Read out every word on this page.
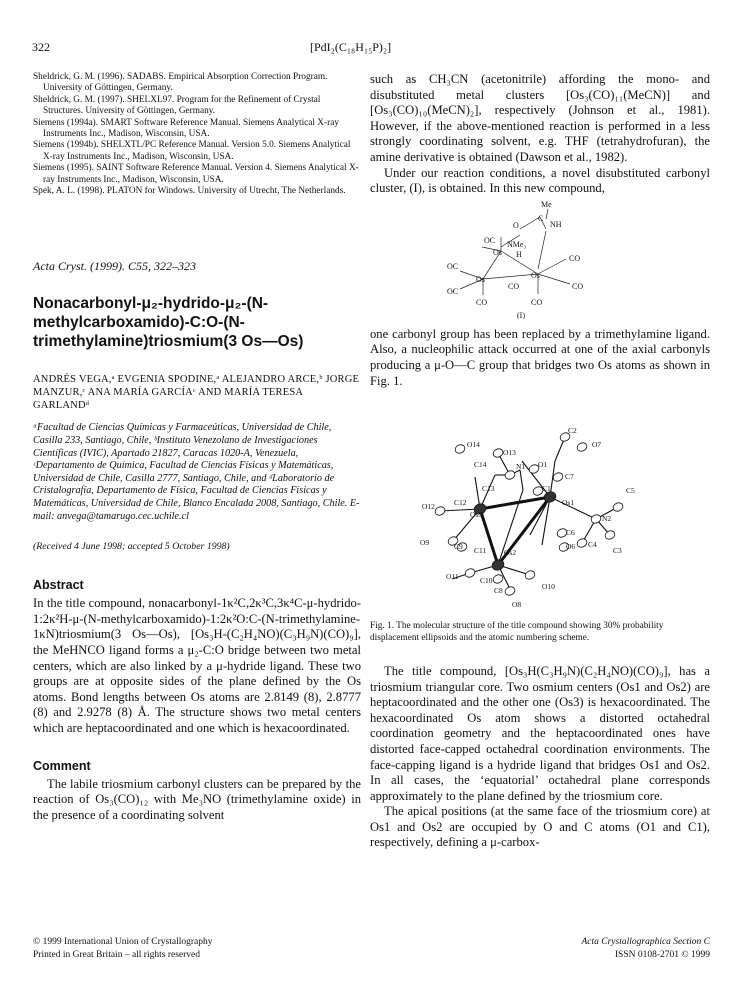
322	[PdI₂(C₁₈H₁₅P)₂]

Sheldrick, G. M. (1996). SADABS. Empirical Absorption Correction Program. University of Göttingen, Germany.

Sheldrick, G. M. (1997). SHELXL97. Program for the Refinement of Crystal Structures. University of Göttingen, Germany.

Siemens (1994a). SMART Software Reference Manual. Siemens Analytical X-ray Instruments Inc., Madison, Wisconsin, USA.

Siemens (1994b). SHELXTL/PC Reference Manual. Version 5.0. Siemens Analytical X-ray Instruments Inc., Madison, Wisconsin, USA.

Siemens (1995). SAINT Software Reference Manual. Version 4. Siemens Analytical X-ray Instruments Inc., Madison, Wisconsin, USA.

Spek, A. L. (1998). PLATON for Windows. University of Utrecht, The Netherlands.

Acta Cryst. (1999). C55, 322–323
Nonacarbonyl-μ₂-hydrido-μ₂-(N-methylcarboxamido)-C:O-(N-trimethylamine)triosmium(3 Os—Os)
ANDRÉS VEGA,ᵃ EVGENIA SPODINE,ᵃ ALEJANDRO ARCE,ᵇ JORGE MANZUR,ᶜ ANA MARÍA GARCÍAᶜ AND MARÍA TERESA GARLANDᵈ
ᵃFacultad de Ciencias Químicas y Farmaceúticas, Universidad de Chile, Casilla 233, Santiago, Chile, ᵇInstituto Venezolano de Investigaciones Científicas (IVIC), Apartado 21827, Caracas 1020-A, Venezuela, ᶜDepartamento de Química, Facultad de Ciencias Físicas y Matemáticas, Universidad de Chile, Casilla 2777, Santiago, Chile, and ᵈLaboratorio de Cristalografía, Departamento de Física, Facultad de Ciencias Físicas y Matemáticas, Universidad de Chile, Blanco Encalada 2008, Santiago, Chile. E-mail: anvega@tamarugo.cec.uchile.cl
(Received 4 June 1998; accepted 5 October 1998)
Abstract

In the title compound, nonacarbonyl-1κ²C,2κ³C,3κ⁴C-μ-hydrido-1:2κ²H-μ-(N-methylcarboxamido)-1:2κ²O:C-(N-trimethylamine-1κN)triosmium(3 Os—Os), [Os₃H-(C₂H₄NO)(C₃H₉N)(CO)₉], the MeHNCO ligand forms a μ₂-C:O bridge between two metal centers, which are also linked by a μ-hydride ligand. These two groups are at opposite sides of the plane defined by the Os atoms. Bond lengths between Os atoms are 2.8149 (8), 2.8777 (8) and 2.9278 (8) Å. The structure shows two metal centers which are heptacoordinated and one which is hexacoordinated.

Comment

The labile triosmium carbonyl clusters can be prepared by the reaction of Os₃(CO)₁₂ with Me₃NO (trimethylamine oxide) in the presence of a coordinating solvent

such as CH₃CN (acetonitrile) affording the mono- and disubstituted metal clusters [Os₃(CO)₁₁(MeCN)] and [Os₃(CO)₁₀(MeCN)₂], respectively (Johnson et al., 1981). However, if the above-mentioned reaction is performed in a less strongly coordinating solvent, e.g. THF (tetrahydrofuran), the amine derivative is obtained (Dawson et al., 1982).

Under our reaction conditions, a novel disubstituted carbonyl cluster, (I), is obtained. In this new compound,

Me
NH
O
C
NMe₃
H
Os
Os	Os
OC
OC
OC
CO
CO
CO
CO
CO
(I)

one carbonyl group has been replaced by a trimethylamine ligand. Also, a nucleophilic attack occurred at one of the axial carbonyls producing a μ-O—C group that bridges two Os atoms as shown in Fig. 1.

O14
C2
O7
C14
O13
N1 O1
C7
C5
O12	C12
C13
Os3
C1
Os1
N2
C6
C4
O9	C9 C11 Os2
O6	C3
O11	C10
C8	O10
O8

Fig. 1. The molecular structure of the title compound showing 30% probability displacement ellipsoids and the atomic numbering scheme.

The title compound, [Os₃H(C₃H₉N)(C₂H₄NO)(CO)₉], has a triosmium triangular core. Two osmium centers (Os1 and Os2) are heptacoordinated and the other one (Os3) is hexacoordinated. The hexacoordinated Os atom shows a distorted octahedral coordination geometry and the heptacoordinated ones have distorted face-capped octahedral coordination environments. The face-capping ligand is a hydride ligand that bridges Os1 and Os2. In all cases, the ‘equatorial’ octahedral plane corresponds approximately to the plane defined by the triosmium core.

The apical positions (at the same face of the triosmium core) at Os1 and Os2 are occupied by O and C atoms (O1 and C1), respectively, defining a μ-carbox-

© 1999 International Union of Crystallography
Printed in Great Britain – all rights reserved
Acta Crystallographica Section C
ISSN 0108-2701 © 1999
